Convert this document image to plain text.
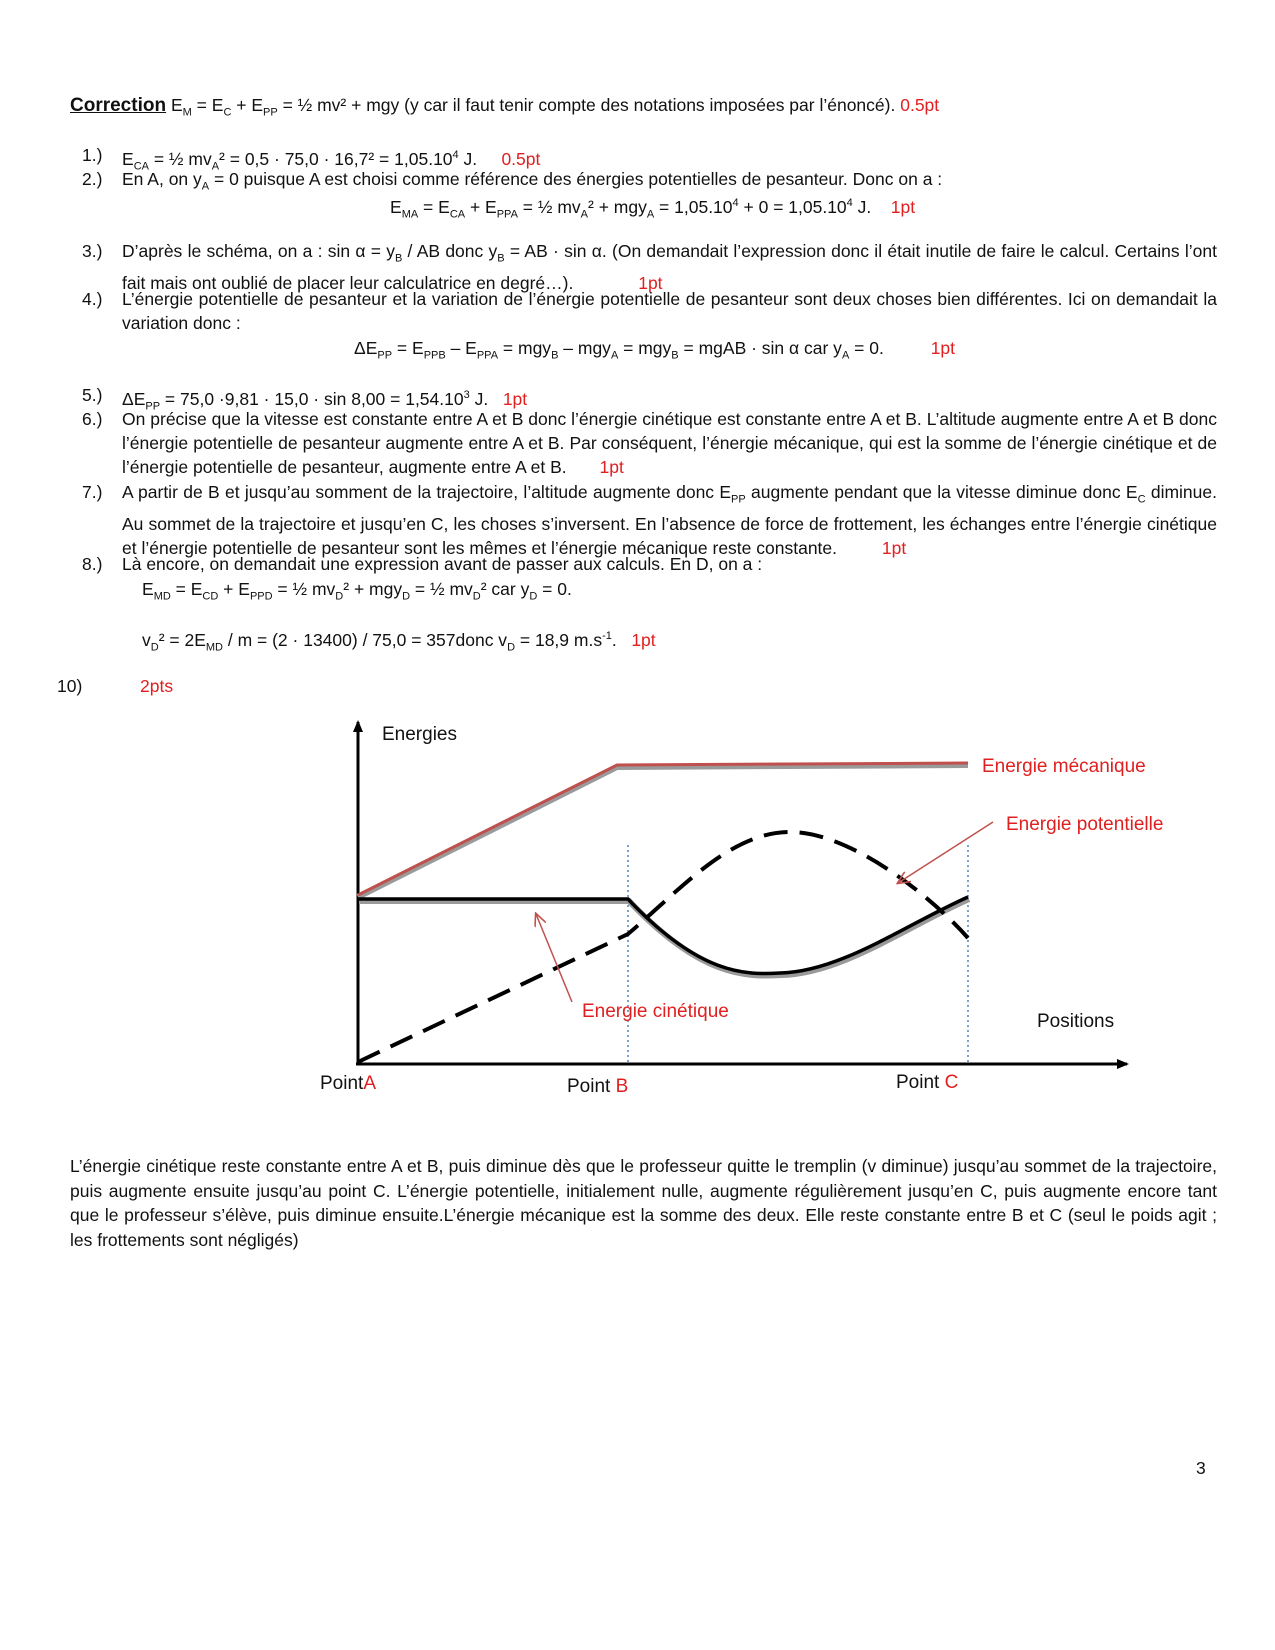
Correction $E_M = E_C + E_{PP}$ = ½ mv² + mgy (y car il faut tenir compte des notations imposées par l’énoncé). 0.5pt
1.)	$E_{CA}$ = ½ $mv_A^2 = 0,5 \cdot 75,0 \cdot 16,7^2 = 1,05.10^4$ J. 0.5pt
2.)	En A, on $y_A = 0$ puisque A est choisi comme référence des énergies potentielles de pesanteur. Donc on a :
$E_{MA} = E_{CA} + E_{PPA}$ = ½ $mv_A^2 + mgy_A = 1,05.10^4 + 0 = 1,05.10^4$ J. 1pt
3.)	D’après le schéma, on a : $\sin \alpha = y_B$ / AB donc $y_B$ = AB · sin α. (On demandait l’expression donc il était inutile de faire le calcul. Certains l’ont fait mais ont oublié de placer leur calculatrice en degré…).	1pt
4.)	L’énergie potentielle de pesanteur et la variation de l’énergie potentielle de pesanteur sont deux choses bien différentes. Ici on demandait la variation donc :
$\Delta E_{PP} = E_{PPB} - E_{PPA} = mgy_B - mgy_A = mgy_B$ = mgAB · sin α car $y_A = 0$.	1pt
5.)	$\Delta E_{PP} = 75,0 \cdot 9,81 \cdot 15,0 \cdot \sin 8,00 = 1,54.10^3$ J. 1pt
6.)	On précise que la vitesse est constante entre A et B donc l’énergie cinétique est constante entre A et B. L’altitude augmente entre A et B donc l’énergie potentielle de pesanteur augmente entre A et B. Par conséquent, l’énergie mécanique, qui est la somme de l’énergie cinétique et de l’énergie potentielle de pesanteur, augmente entre A et B. 1pt
7.)	A partir de B et jusqu’au somment de la trajectoire, l’altitude augmente donc $E_{PP}$ augmente pendant que la vitesse diminue donc $E_C$ diminue. Au sommet de la trajectoire et jusqu’en C, les choses s’inversent. En l’absence de force de frottement, les échanges entre l’énergie cinétique et l’énergie potentielle de pesanteur sont les mêmes et l’énergie mécanique reste constante.	1pt
8.)	Là encore, on demandait une expression avant de passer aux calculs. En D, on a :
$E_{MD} = E_{CD} + E_{PPD}$ = ½ $mv_D^2 + mgy_D$ = ½ $mv_D^2$ car $y_D = 0$.
$v_D^2 = 2E_{MD} / m = (2 \cdot 13400) / 75,0$ = 357donc $v_D = 18,9$ $m.s^{-1}$. 1pt
10)	2pts
Energies
Positions
Energie mécanique
Energie potentielle
Energie cinétique
PointA	Point B	Point C
L’énergie cinétique reste constante entre A et B, puis diminue dès que le professeur quitte le tremplin (v diminue) jusqu’au sommet de la trajectoire, puis augmente ensuite jusqu’au point C. L’énergie potentielle, initialement nulle, augmente régulièrement jusqu’en C, puis augmente encore tant que le professeur s’élève, puis diminue ensuite.L’énergie mécanique est la somme des deux. Elle reste constante entre B et C (seul le poids agit ; les frottements sont négligés)
3
